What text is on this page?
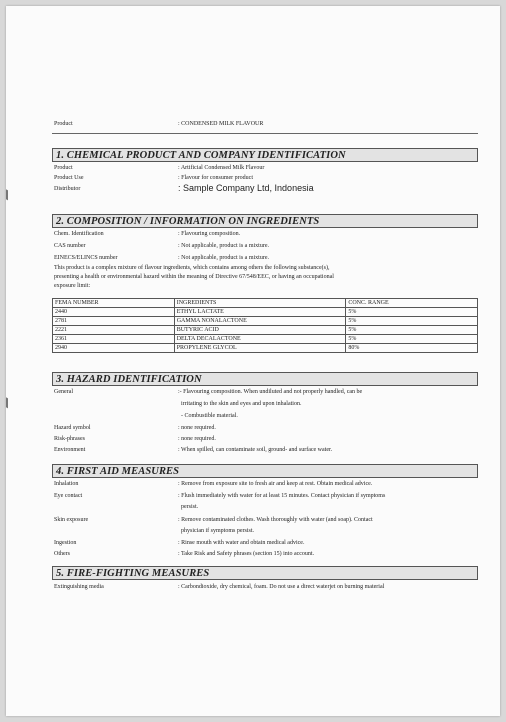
Product	: CONDENSED MILK FLAVOUR
1. CHEMICAL PRODUCT AND COMPANY IDENTIFICATION
Product	: Artificial Condensed Milk Flavour
Product Use	: Flavour for consumer product
Distributor	: Sample Company Ltd, Indonesia
2. COMPOSITION / INFORMATION ON INGREDIENTS
Chem. Identification	: Flavouring composition.
CAS number	: Not applicable, product is a mixture.
EINECS/ELINCS number	: Not applicable, product is a mixture.
This product is a complex mixture of flavour ingredients, which contains among others the following substance(s),
presenting a health or environmental hazard within the meaning of Directive 67/548/EEC, or having an occupational
exposure limit:
FEMA NUMBER	INGREDIENTS	CONC. RANGE
2440	ETHYL LACTATE	5%
2781	GAMMA NONALACTONE	5%
2221	BUTYRIC ACID	5%
2361	DELTA DECALACTONE	5%
2940	PROPYLENE GLYCOL	80%
3. HAZARD IDENTIFICATION
General	:- Flavouring composition. When undiluted and not properly handled, can be
irritating to the skin and eyes and upon inhalation.
- Combustible material.
Hazard symbol	: none required.
Risk-phrases	: none required.
Environment	: When spilled, can contaminate soil, ground- and surface water.
4. FIRST AID MEASURES
Inhalation	: Remove from exposure site to fresh air and keep at rest. Obtain medical advice.
Eye contact	: Flush immediately with water for at least 15 minutes. Contact physician if symptoms
persist.
Skin exposure	: Remove contaminated clothes. Wash thoroughly with water (and soap). Contact
physician if symptoms persist.
Ingestion	: Rinse mouth with water and obtain medical advice.
Others	: Take Risk and Safety phrases (section 15) into account.
5. FIRE-FIGHTING MEASURES
Extinguishing media	: Carbondioxide, dry chemical, foam. Do not use a direct waterjet on burning material
